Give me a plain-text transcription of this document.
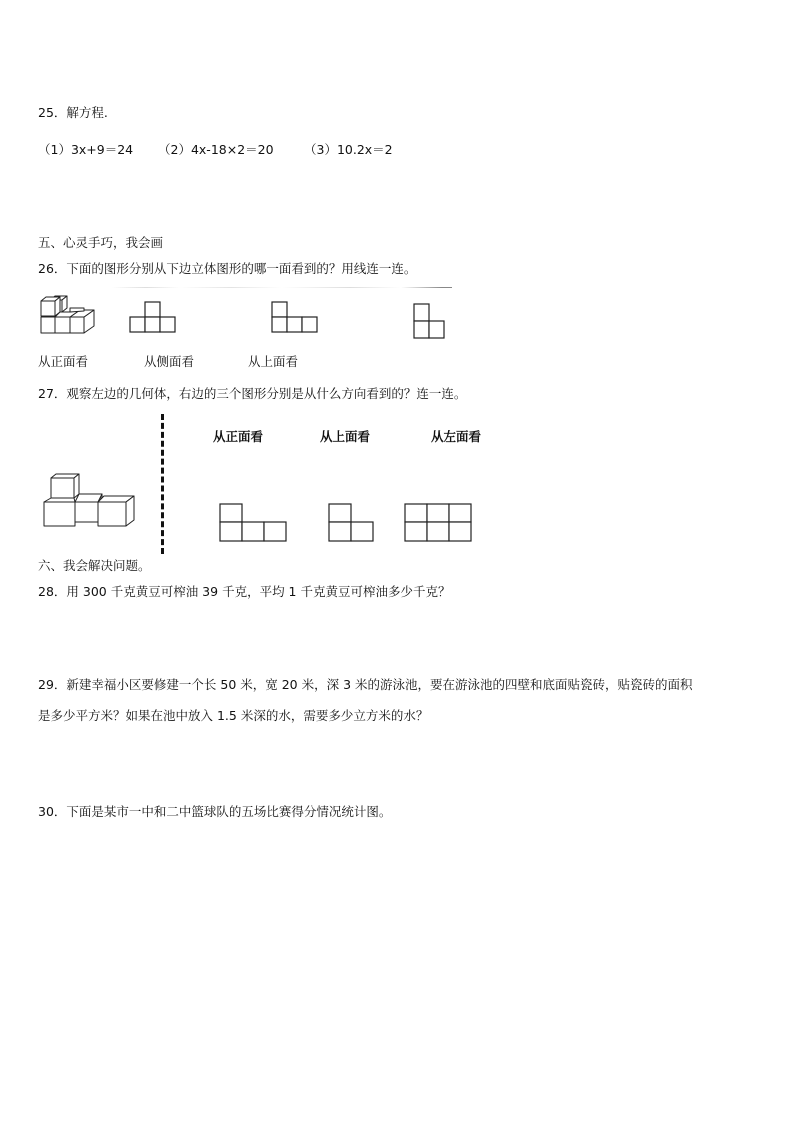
25．解方程.
（1）3x+9＝24 （2）4x-18×2＝20 （3）10.2x＝2
五、心灵手巧，我会画
26．下面的图形分别从下边立体图形的哪一面看到的？用线连一连。
从正面看	从侧面看	从上面看
27．观察左边的几何体，右边的三个图形分别是从什么方向看到的？连一连。
从正面看	从上面看	从左面看
六、我会解决问题。
28．用 300 千克黄豆可榨油 39 千克，平均 1 千克黄豆可榨油多少千克？
29．新建幸福小区要修建一个长 50 米，宽 20 米，深 3 米的游泳池，要在游泳池的四壁和底面贴瓷砖，贴瓷砖的面积
是多少平方米？如果在池中放入 1.5 米深的水，需要多少立方米的水？
30．下面是某市一中和二中篮球队的五场比赛得分情况统计图。
